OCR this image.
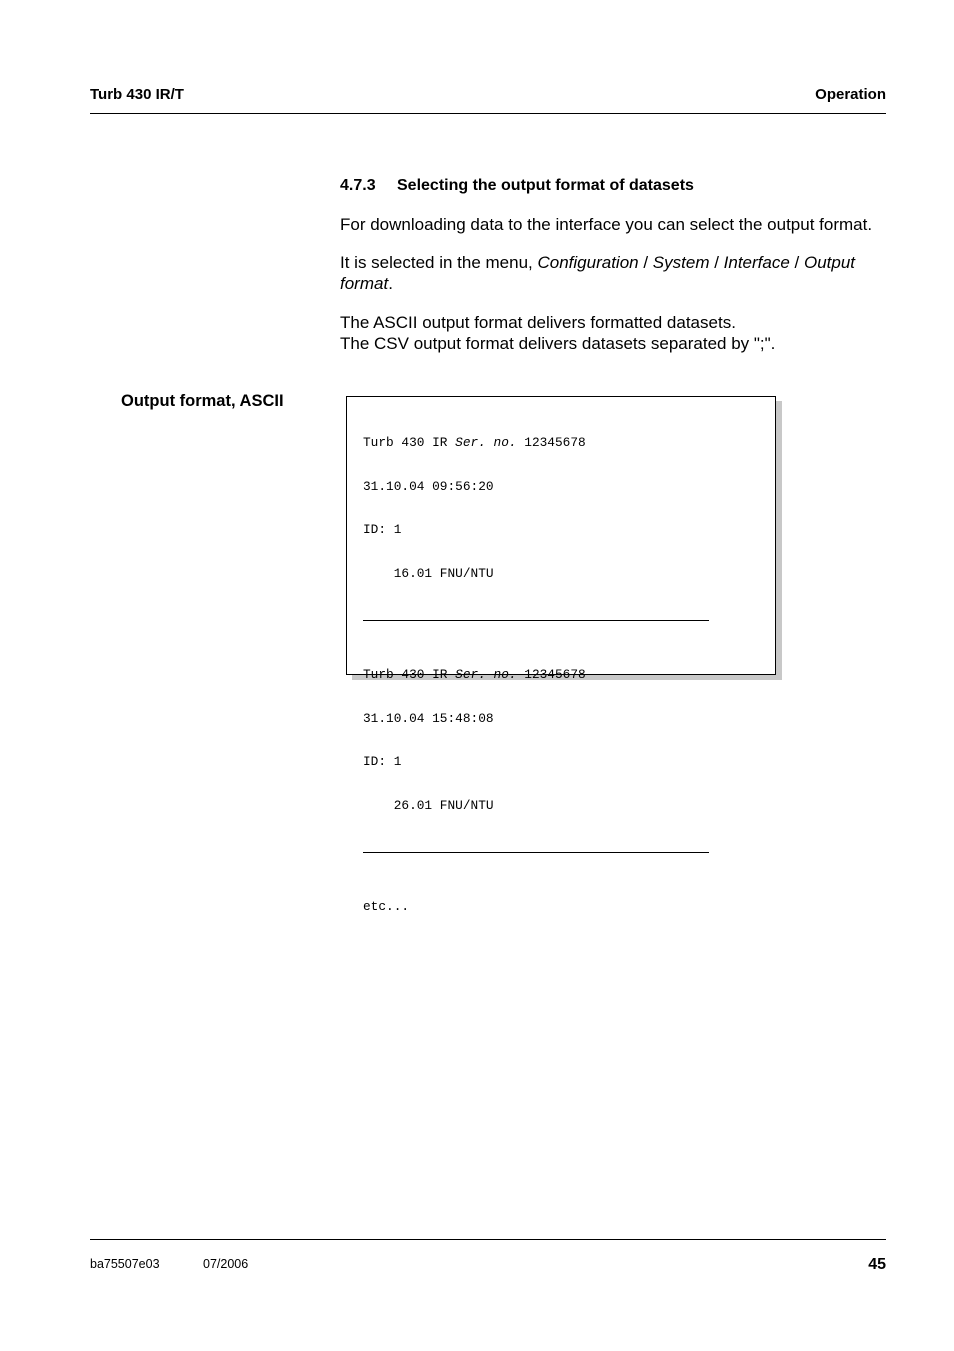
Turb 430 IR/T	Operation
4.7.3 Selecting the output format of datasets
For downloading data to the interface you can select the output format.
It is selected in the menu, Configuration / System / Interface / Output format.
The ASCII output format delivers formatted datasets.
The CSV output format delivers datasets separated by ";".
Output format, ASCII

Turb 430 IR Ser. no. 12345678

31.10.04 09:56:20

ID: 1

16.01 FNU/NTU

Turb 430 IR Ser. no. 12345678

31.10.04 15:48:08

ID: 1

26.01 FNU/NTU

etc...

ba75507e03	07/2006	45
